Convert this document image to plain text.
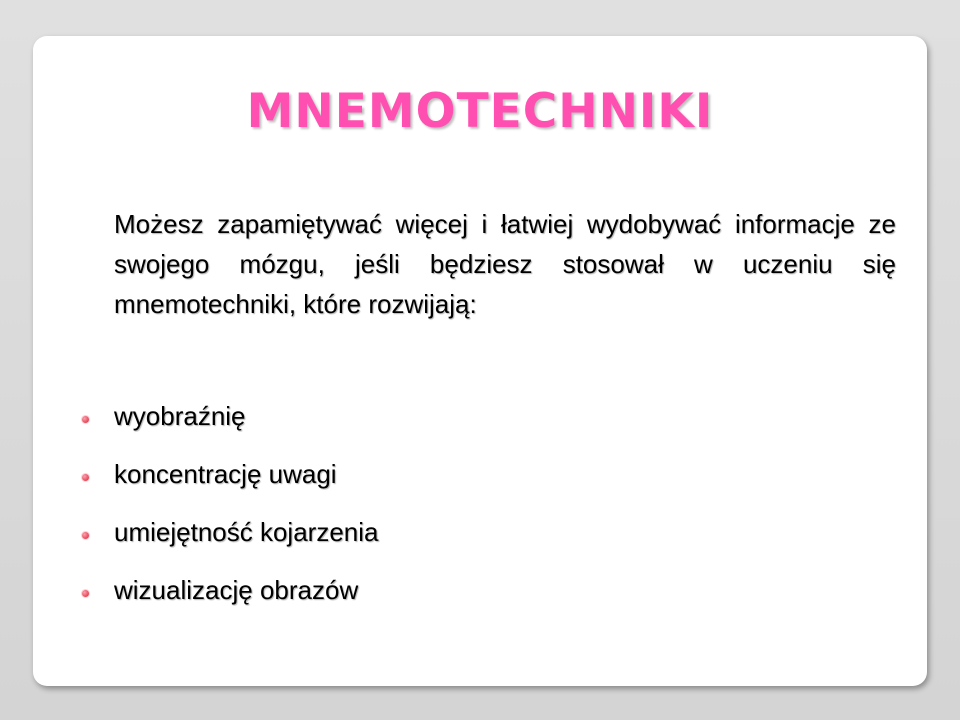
MNEMOTECHNIKI
Możesz zapamiętywać więcej i łatwiej wydobywać informacje ze swojego mózgu, jeśli będziesz stosował w uczeniu się mnemotechniki, które rozwijają:
wyobraźnię
koncentrację uwagi
umiejętność kojarzenia
wizualizację obrazów
